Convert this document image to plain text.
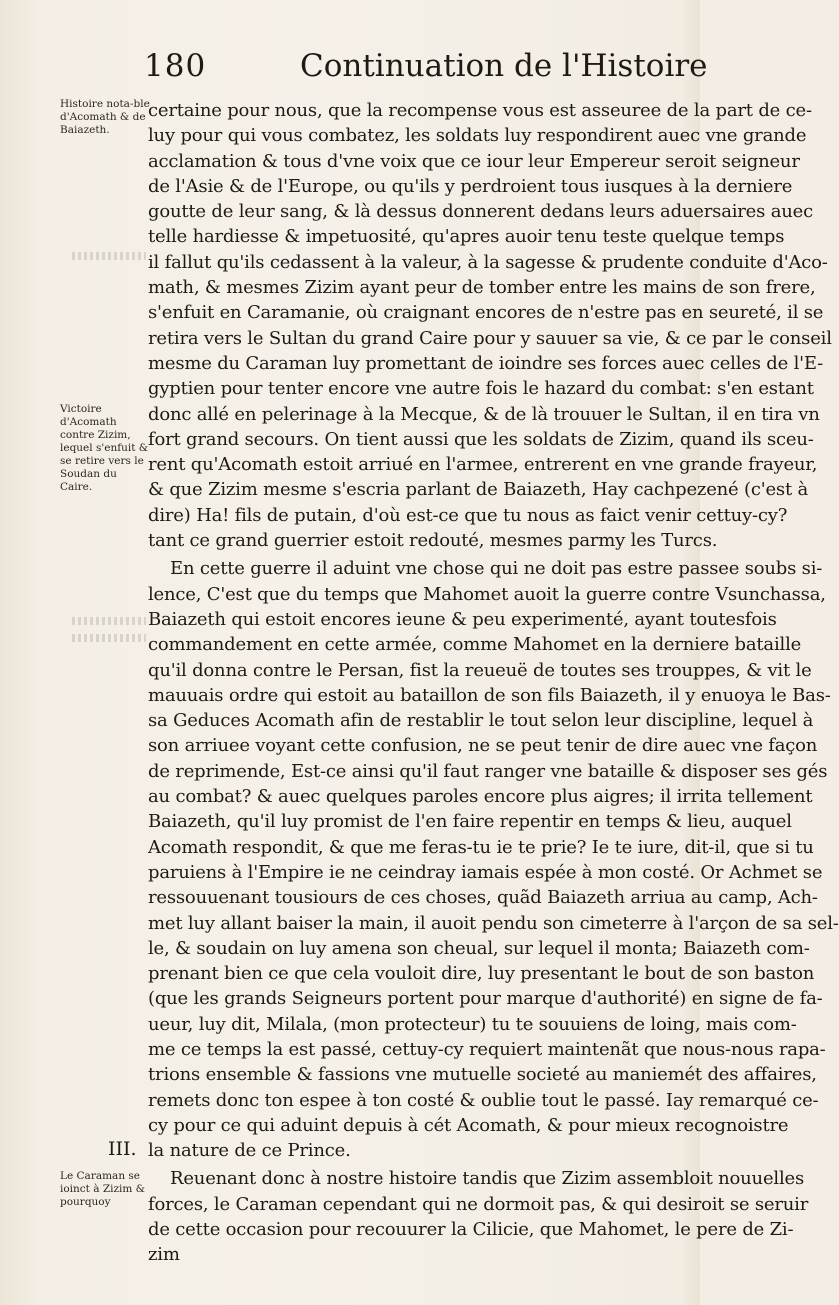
180	Continuation de l'Histoire
Histoire nota-ble d'Acomath & de Baiazeth.
Victoire d'Acomath contre Zizim, lequel s'enfuit & se retire vers le Soudan du Caire.
III.
Le Caraman se ioinct à Zizim & pourquoy
certaine pour nous, que la recompense vous est asseuree de la part de ce-
luy pour qui vous combatez, les soldats luy respondirent auec vne grande
acclamation & tous d'vne voix que ce iour leur Empereur seroit seigneur
de l'Asie & de l'Europe, ou qu'ils y perdroient tous iusques à la derniere
goutte de leur sang, & là dessus donnerent dedans leurs aduersaires auec
telle hardiesse & impetuosité, qu'apres auoir tenu teste quelque temps
il fallut qu'ils cedassent à la valeur, à la sagesse & prudente conduite d'Aco-
math, & mesmes Zizim ayant peur de tomber entre les mains de son frere,
s'enfuit en Caramanie, où craignant encores de n'estre pas en seureté, il se
retira vers le Sultan du grand Caire pour y sauuer sa vie, & ce par le conseil
mesme du Caraman luy promettant de ioindre ses forces auec celles de l'E-
gyptien pour tenter encore vne autre fois le hazard du combat: s'en estant
donc allé en pelerinage à la Mecque, & de là trouuer le Sultan, il en tira vn
fort grand secours. On tient aussi que les soldats de Zizim, quand ils sceu-
rent qu'Acomath estoit arriué en l'armee, entrerent en vne grande frayeur,
& que Zizim mesme s'escria parlant de Baiazeth, Hay cachpezené (c'est à
dire) Ha! fils de putain, d'où est-ce que tu nous as faict venir cettuy-cy?
tant ce grand guerrier estoit redouté, mesmes parmy les Turcs.
En cette guerre il aduint vne chose qui ne doit pas estre passee soubs si-
lence, C'est que du temps que Mahomet auoit la guerre contre Vsunchassa,
Baiazeth qui estoit encores ieune & peu experimenté, ayant toutesfois
commandement en cette armée, comme Mahomet en la derniere bataille
qu'il donna contre le Persan, fist la reueuë de toutes ses trouppes, & vit le
mauuais ordre qui estoit au bataillon de son fils Baiazeth, il y enuoya le Bas-
sa Geduces Acomath afin de restablir le tout selon leur discipline, lequel à
son arriuee voyant cette confusion, ne se peut tenir de dire auec vne façon
de reprimende, Est-ce ainsi qu'il faut ranger vne bataille & disposer ses gés
au combat? & auec quelques paroles encore plus aigres; il irrita tellement
Baiazeth, qu'il luy promist de l'en faire repentir en temps & lieu, auquel
Acomath respondit, & que me feras-tu ie te prie? Ie te iure, dit-il, que si tu
paruiens à l'Empire ie ne ceindray iamais espée à mon costé. Or Achmet se
ressouuenant tousiours de ces choses, quãd Baiazeth arriua au camp, Ach-
met luy allant baiser la main, il auoit pendu son cimeterre à l'arçon de sa sel-
le, & soudain on luy amena son cheual, sur lequel il monta; Baiazeth com-
prenant bien ce que cela vouloit dire, luy presentant le bout de son baston
(que les grands Seigneurs portent pour marque d'authorité) en signe de fa-
ueur, luy dit, Milala, (mon protecteur) tu te souuiens de loing, mais com-
me ce temps la est passé, cettuy-cy requiert maintenãt que nous-nous rapa-
trions ensemble & fassions vne mutuelle societé au maniemét des affaires,
remets donc ton espee à ton costé & oublie tout le passé. Iay remarqué ce-
cy pour ce qui aduint depuis à cét Acomath, & pour mieux recognoistre
la nature de ce Prince.
Reuenant donc à nostre histoire tandis que Zizim assembloit nouuelles
forces, le Caraman cependant qui ne dormoit pas, & qui desiroit se seruir
de cette occasion pour recouurer la Cilicie, que Mahomet, le pere de Zi-
zim
